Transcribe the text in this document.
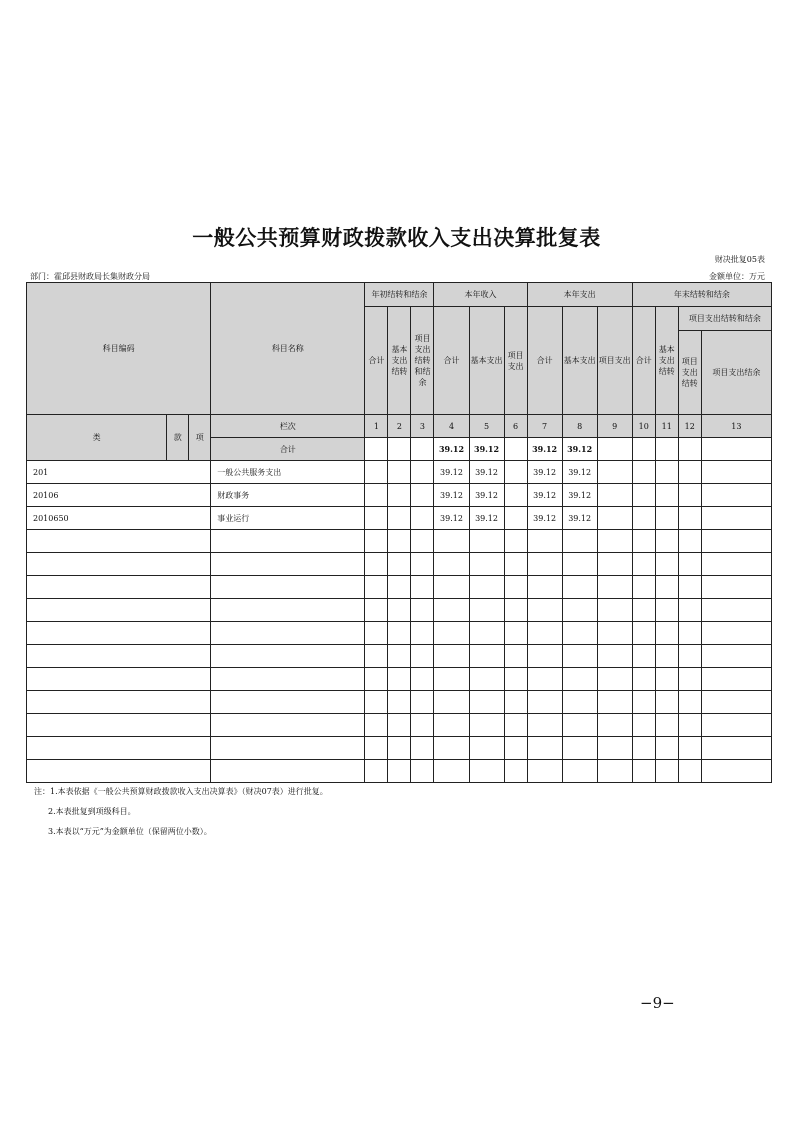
一般公共预算财政拨款收入支出决算批复表
财决批复05表
部门：霍邱县财政局长集财政分局	金额单位：万元
科目编码			科目名称	年初结转和结余			本年收入			本年支出			年末结转和结余			
				合计	基本支出结转	项目支出结转和结余	合计	基本支出	项目支出	合计	基本支出	项目支出	合计	基本支出结转	项目支出结转和结余	
															项目支出结转	项目支出结余
类	款	项	栏次	1	2	3	4	5	6	7	8	9	10	11	12	13
			合计				39.12	39.12		39.12	39.12					
201			一般公共服务支出				39.12	39.12		39.12	39.12					
20106			财政事务				39.12	39.12		39.12	39.12					
2010650			事业运行				39.12	39.12		39.12	39.12					

注：1.本表依据《一般公共预算财政拨款收入支出决算表》（财决07表）进行批复。
2.本表批复到项级科目。
3.本表以“万元”为金额单位（保留两位小数）。
−9−
